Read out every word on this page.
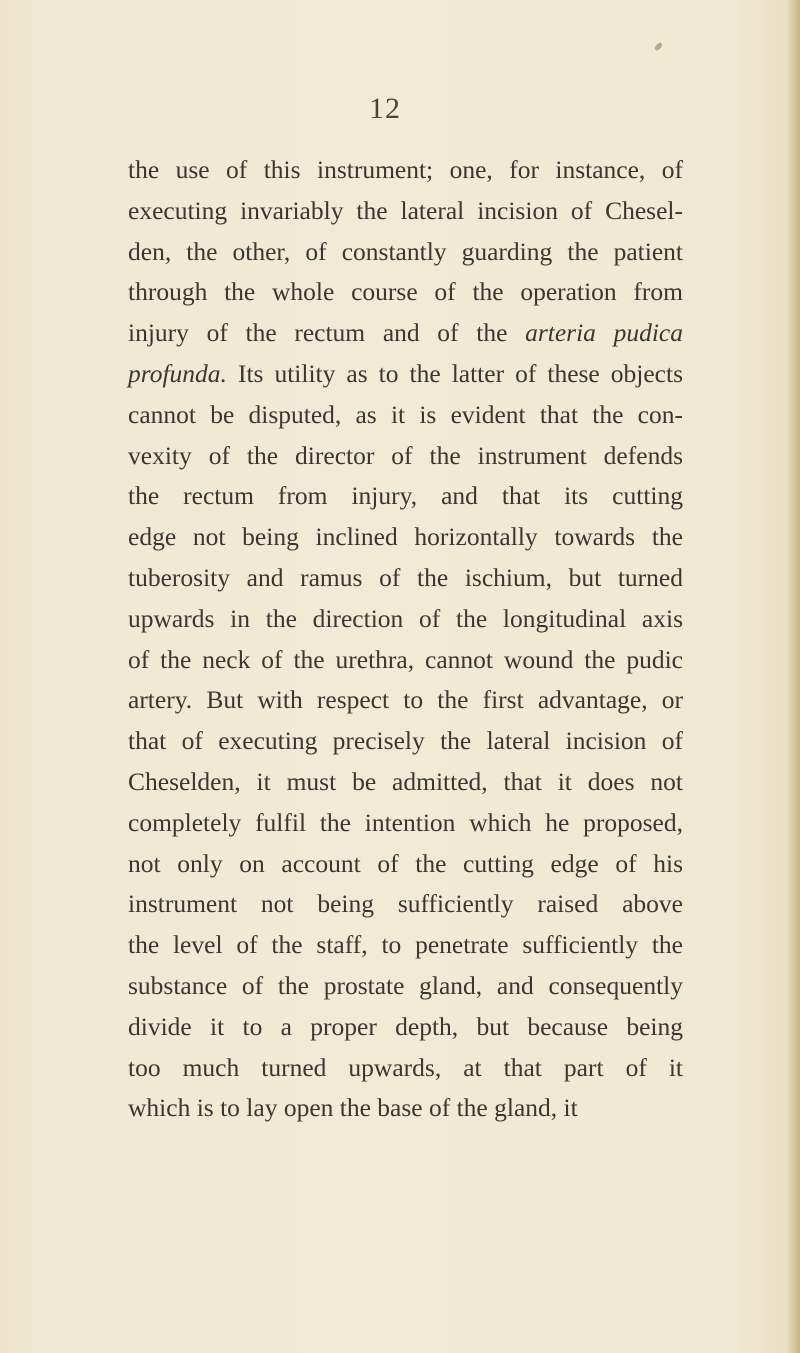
12
the use of this instrument; one, for instance, of
executing invariably the lateral incision of Chesel-
den, the other, of constantly guarding the patient
through the whole course of the operation from
injury of the rectum and of the arteria pudica
profunda. Its utility as to the latter of these objects
cannot be disputed, as it is evident that the con-
vexity of the director of the instrument defends
the rectum from injury, and that its cutting
edge not being inclined horizontally towards the
tuberosity and ramus of the ischium, but turned
upwards in the direction of the longitudinal axis
of the neck of the urethra, cannot wound the pudic
artery. But with respect to the first advantage, or
that of executing precisely the lateral incision of
Cheselden, it must be admitted, that it does not
completely fulfil the intention which he proposed,
not only on account of the cutting edge of his
instrument not being sufficiently raised above
the level of the staff, to penetrate sufficiently the
substance of the prostate gland, and consequently
divide it to a proper depth, but because being
too much turned upwards, at that part of it
which is to lay open the base of the gland, it
